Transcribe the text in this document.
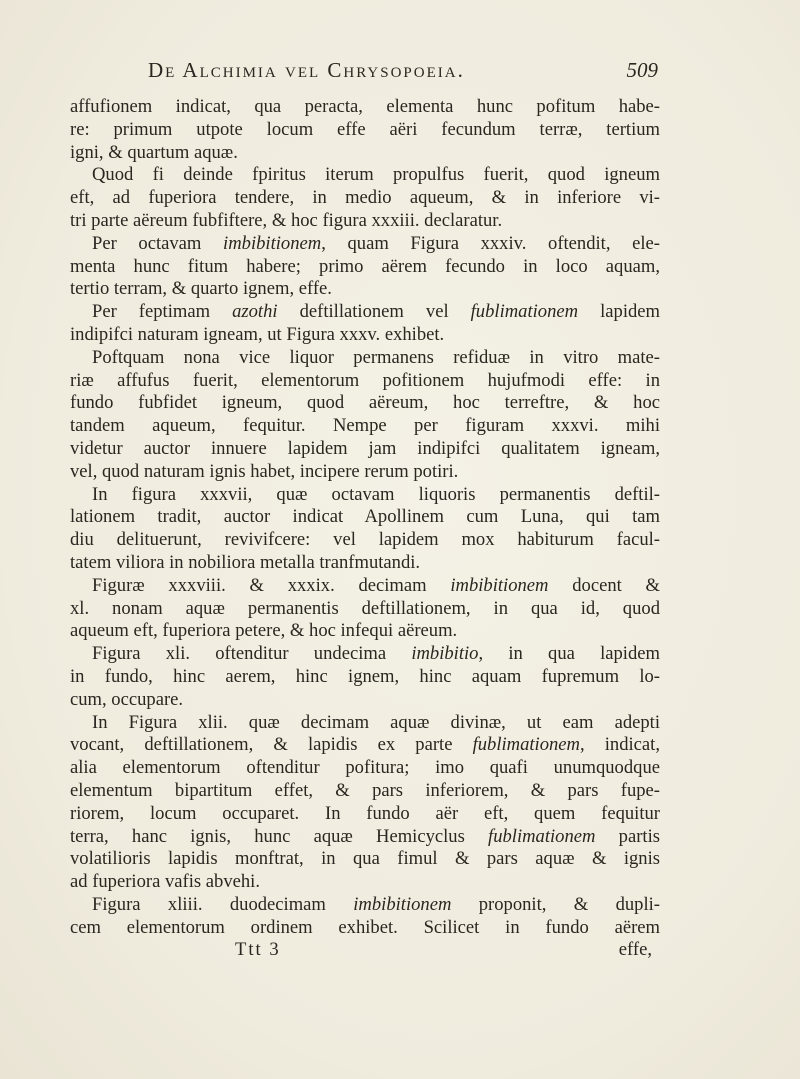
De Alchimia vel Chrysopoeia.	509
affufionem indicat, qua peracta, elementa hunc pofitum habe-
re: primum utpote locum effe aëri fecundum terræ, tertium
igni, & quartum aquæ.
Quod fi deinde fpiritus iterum propulfus fuerit, quod igneum
eft, ad fuperiora tendere, in medio aqueum, & in inferiore vi-
tri parte aëreum fubfiftere, & hoc figura xxxiii. declaratur.
Per octavam imbibitionem, quam Figura xxxiv. oftendit, ele-
menta hunc fitum habere; primo aërem fecundo in loco aquam,
tertio terram, & quarto ignem, effe.
Per feptimam azothi deftillationem vel fublimationem lapidem
indipifci naturam igneam, ut Figura xxxv. exhibet.
Poftquam nona vice liquor permanens refiduæ in vitro mate-
riæ affufus fuerit, elementorum pofitionem hujufmodi effe: in
fundo fubfidet igneum, quod aëreum, hoc terreftre, & hoc
tandem aqueum, fequitur. Nempe per figuram xxxvi. mihi
videtur auctor innuere lapidem jam indipifci qualitatem igneam,
vel, quod naturam ignis habet, incipere rerum potiri.
In figura xxxvii, quæ octavam liquoris permanentis deftil-
lationem tradit, auctor indicat Apollinem cum Luna, qui tam
diu delituerunt, revivifcere: vel lapidem mox habiturum facul-
tatem viliora in nobiliora metalla tranfmutandi.
Figuræ xxxviii. & xxxix. decimam imbibitionem docent &
xl. nonam aquæ permanentis deftillationem, in qua id, quod
aqueum eft, fuperiora petere, & hoc infequi aëreum.
Figura xli. oftenditur undecima imbibitio, in qua lapidem
in fundo, hinc aerem, hinc ignem, hinc aquam fupremum lo-
cum, occupare.
In Figura xlii. quæ decimam aquæ divinæ, ut eam adepti
vocant, deftillationem, & lapidis ex parte fublimationem, indicat,
alia elementorum oftenditur pofitura; imo quafi unumquodque
elementum bipartitum effet, & pars inferiorem, & pars fupe-
riorem, locum occuparet. In fundo aër eft, quem fequitur
terra, hanc ignis, hunc aquæ Hemicyclus fublimationem partis
volatilioris lapidis monftrat, in qua fimul & pars aquæ & ignis
ad fuperiora vafis abvehi.
Figura xliii. duodecimam imbibitionem proponit, & dupli-
cem elementorum ordinem exhibet. Scilicet in fundo aërem
Ttt 3	effe,
